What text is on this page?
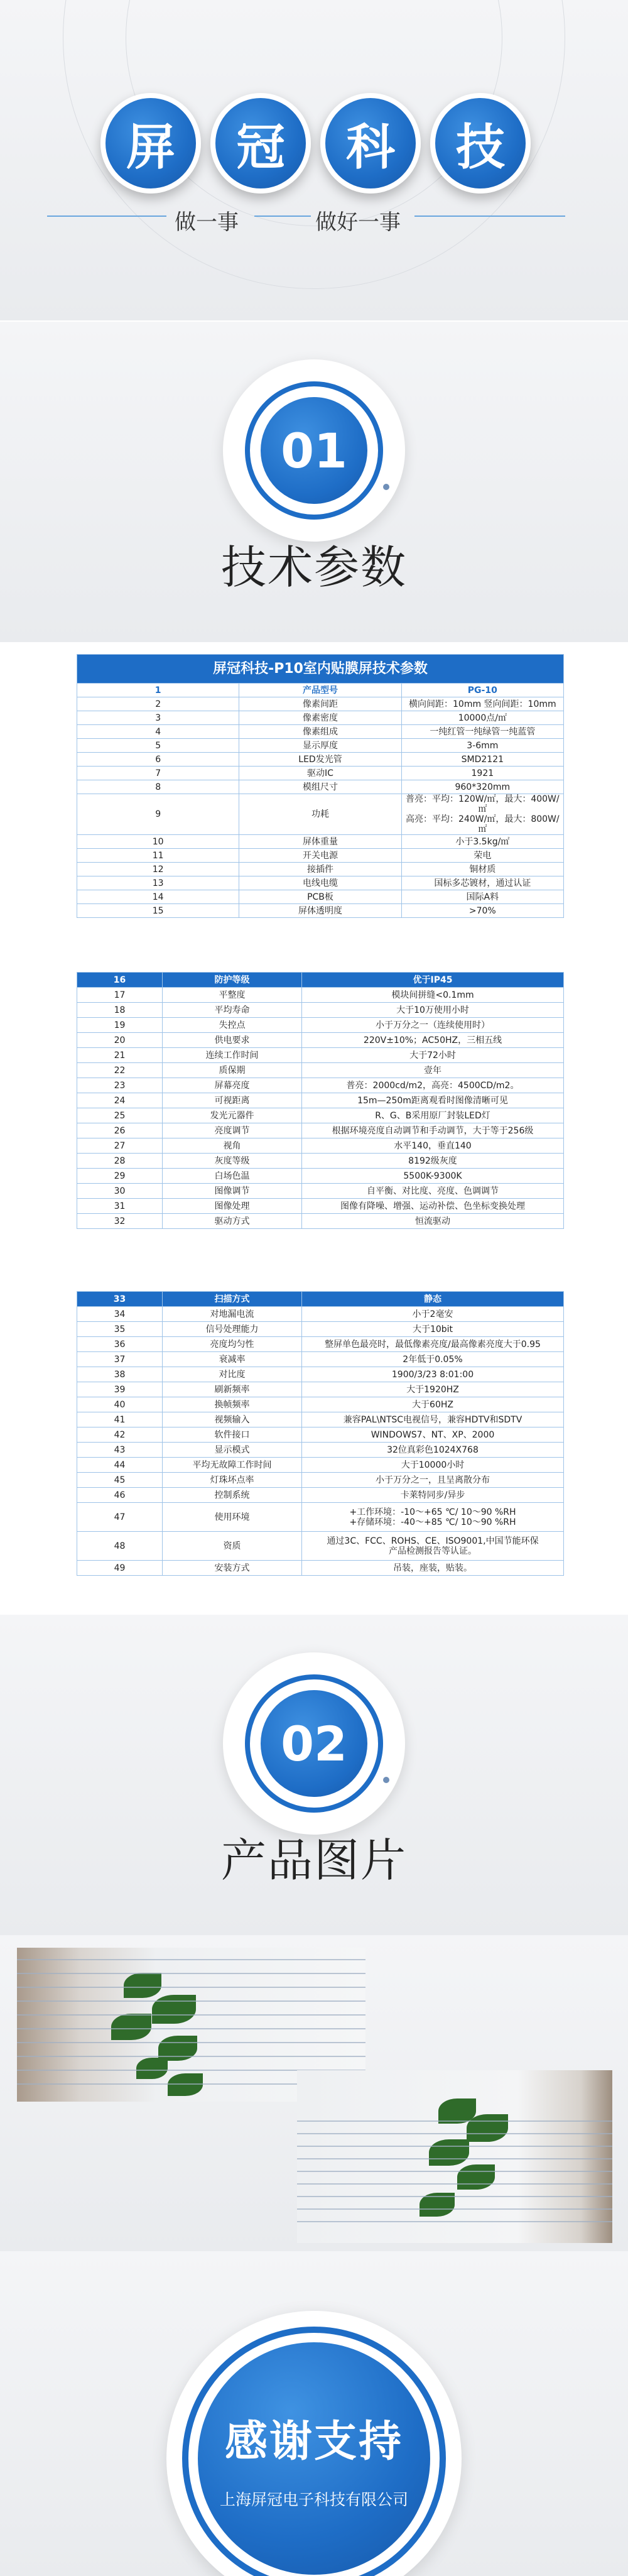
屏 冠 科 技
做一事	做好一事
01
技术参数
屏冠科技-P10室内贴膜屏技术参数		
1	产品型号	PG-10
2	像素间距	横向间距：10mm 竖向间距：10mm
3	像素密度	10000点/㎡
4	像素组成	一纯红管一纯绿管一纯蓝管
5	显示厚度	3-6mm
6	LED发光管	SMD2121
7	驱动IC	1921
8	模组尺寸	960*320mm
9	功耗	普亮：平均：120W/㎡，最大：400W/㎡
高亮：平均：240W/㎡，最大：800W/㎡
10	屏体重量	小于3.5kg/㎡
11	开关电源	荣电
12	接插件	铜材质
13	电线电缆	国标多芯镀材，通过认证
14	PCB板	国际A料
15	屏体透明度	>70%
16	防护等级	优于IP45
17	平整度	模块间拼缝<0.1mm
18	平均寿命	大于10万使用小时
19	失控点	小于万分之一（连续使用时）
20	供电要求	220V±10%；AC50HZ，三相五线
21	连续工作时间	大于72小时
22	质保期	壹年
23	屏幕亮度	普亮：2000cd/m2，高亮：4500CD/m2。
24	可视距离	15m—250m距离观看时图像清晰可见
25	发光元器件	R、G、B采用原厂封装LED灯
26	亮度调节	根据环境亮度自动调节和手动调节，大于等于256级
27	视角	水平140，垂直140
28	灰度等级	8192级灰度
29	白场色温	5500K-9300K
30	图像调节	自平衡、对比度、亮度、色调调节
31	图像处理	图像有降噪、增强、运动补偿、色坐标变换处理
32	驱动方式	恒流驱动
33	扫描方式	静态
34	对地漏电流	小于2毫安
35	信号处理能力	大于10bit
36	亮度均匀性	整屏单色最亮时，最低像素亮度/最高像素亮度大于0.95
37	衰减率	2年低于0.05%
38	对比度	1900/3/23 8:01:00
39	刷新频率	大于1920HZ
40	换帧频率	大于60HZ
41	视频输入	兼容PAL\NTSC电视信号，兼容HDTV和SDTV
42	软件接口	WINDOWS7、NT、XP、2000
43	显示模式	32位真彩色1024X768
44	平均无故障工作时间	大于10000小时
45	灯珠坏点率	小于万分之一，且呈离散分布
46	控制系统	卡莱特同步/异步
47	使用环境	+工作环境：-10～+65 ℃/ 10～90 %RH
+存储环境：-40～+85 ℃/ 10～90 %RH
48	资质	通过3C、FCC、ROHS、CE、ISO9001,中国节能环保
产品检测报告等认证。
49	安装方式	吊装，座装，贴装。
02
产品图片
感谢支持
上海屏冠电子科技有限公司
